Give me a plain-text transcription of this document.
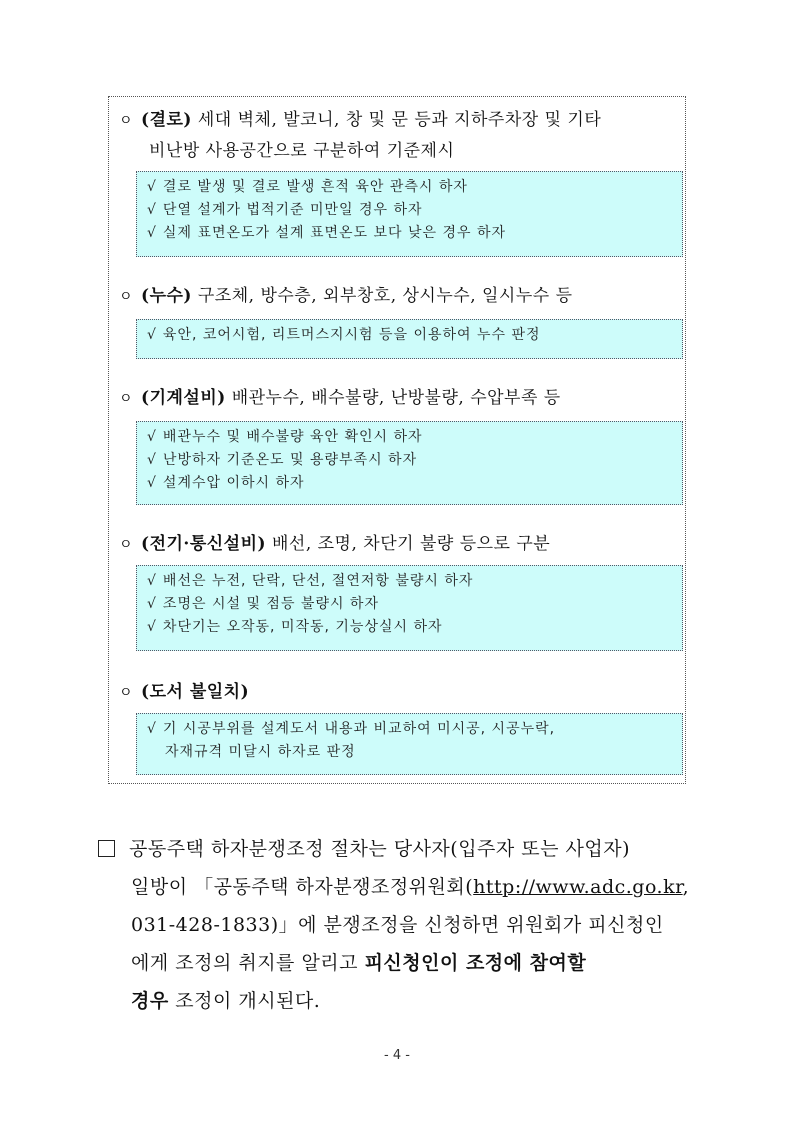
ㅇ (결로) 세대 벽체, 발코니, 창 및 문 등과 지하주차장 및 기타
비난방 사용공간으로 구분하여 기준제시
√ 결로 발생 및 결로 발생 흔적 육안 관측시 하자
√ 단열 설계가 법적기준 미만일 경우 하자
√ 실제 표면온도가 설계 표면온도 보다 낮은 경우 하자
ㅇ (누수) 구조체, 방수층, 외부창호, 상시누수, 일시누수 등
√ 육안, 코어시험, 리트머스지시험 등을 이용하여 누수 판정
ㅇ (기계설비) 배관누수, 배수불량, 난방불량, 수압부족 등
√ 배관누수 및 배수불량 육안 확인시 하자
√ 난방하자 기준온도 및 용량부족시 하자
√ 설계수압 이하시 하자
ㅇ (전기·통신설비) 배선, 조명, 차단기 불량 등으로 구분
√ 배선은 누전, 단락, 단선, 절연저항 불량시 하자
√ 조명은 시설 및 점등 불량시 하자
√ 차단기는 오작동, 미작동, 기능상실시 하자
ㅇ (도서 불일치)
√ 기 시공부위를 설계도서 내용과 비교하여 미시공, 시공누락,
자재규격 미달시 하자로 판정
공동주택 하자분쟁조정 절차는 당사자(입주자 또는 사업자)
일방이 「공동주택 하자분쟁조정위원회(http://www.adc.go.kr,
031-428-1833)」에 분쟁조정을 신청하면 위원회가 피신청인
에게 조정의 취지를 알리고 피신청인이 조정에 참여할
경우 조정이 개시된다.
- 4 -
